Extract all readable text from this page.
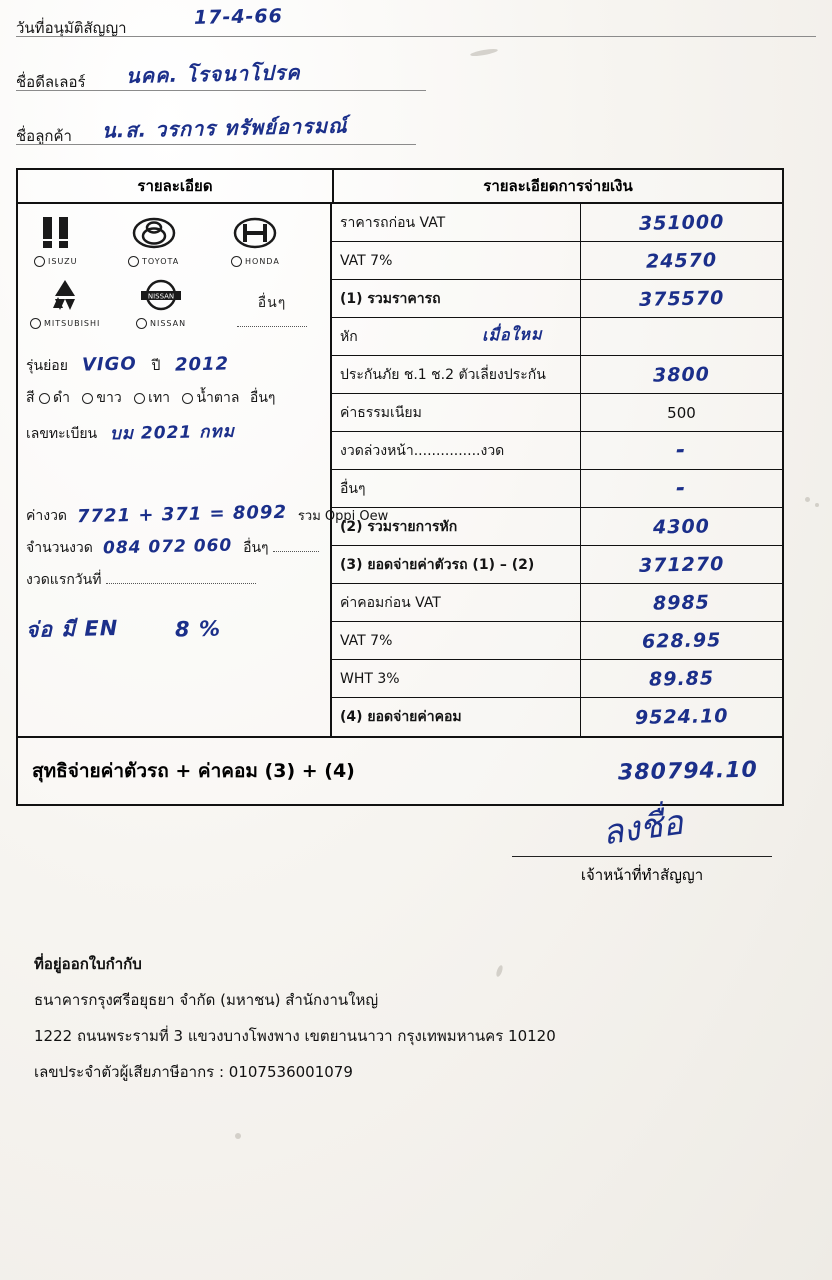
วันที่อนุมัติสัญญา	17-4-66
ชื่อดีลเลอร์ นคค. โรจนาโปรค
ชื่อลูกค้า น.ส. วรการ ทรัพย์อารมณ์
รายละเอียด	รายละเอียดการจ่ายเงิน
ISUZU	TOYOTA	HONDA
MITSUBISHI
NISSAN
NISSAN
อื่นๆ
รุ่นย่อย VIGO ปี 2012
สี ดำ ขาว เทา น้ำตาล อื่นๆ
เลขทะเบียน บม 2021 กทม
ค่างวด 7721 + 371 = 8092 รวม Oppi Oew
จำนวนงวด 084 072 060 อื่นๆ
งวดแรกวันที่
จ่อ มี EN	8 %
ราคารถก่อน VAT	351000
VAT 7%	24570
(1) รวมราคารถ	375570
หัก	เมื่อใหม
ประกันภัย ช.1 ช.2 ตัวเลี่ยงประกัน	3800
ค่าธรรมเนียม	500
งวดล่วงหน้า...............งวด	-
อื่นๆ	-
(2) รวมรายการหัก	4300
(3) ยอดจ่ายค่าตัวรถ (1) – (2)	371270
ค่าคอมก่อน VAT	8985
VAT 7%	628.95
WHT 3%	89.85
(4) ยอดจ่ายค่าคอม	9524.10
สุทธิจ่ายค่าตัวรถ + ค่าคอม (3) + (4)	380794.10
ลงชื่อ
เจ้าหน้าที่ทำสัญญา
ที่อยู่ออกใบกำกับ
ธนาคารกรุงศรีอยุธยา จำกัด (มหาชน) สำนักงานใหญ่
1222 ถนนพระรามที่ 3 แขวงบางโพงพาง เขตยานนาวา กรุงเทพมหานคร 10120
เลขประจำตัวผู้เสียภาษีอากร : 0107536001079
